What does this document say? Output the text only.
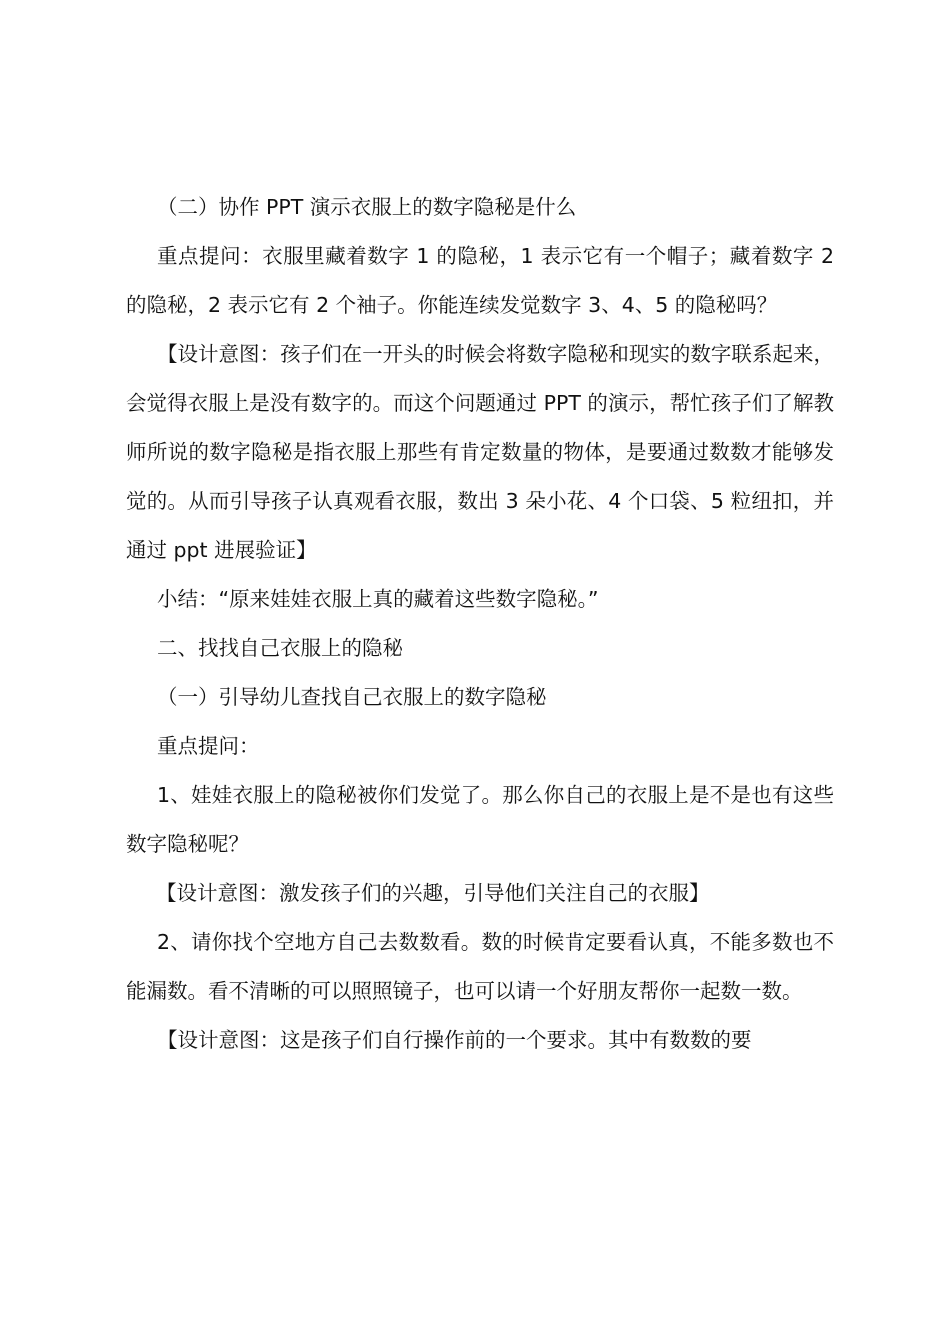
（二）协作 PPT 演示衣服上的数字隐秘是什么

重点提问：衣服里藏着数字 1 的隐秘，1 表示它有一个帽子；藏着数字 2 的隐秘，2 表示它有 2 个袖子。你能连续发觉数字 3、4、5 的隐秘吗？

【设计意图：孩子们在一开头的时候会将数字隐秘和现实的数字联系起来，会觉得衣服上是没有数字的。而这个问题通过 PPT 的演示，帮忙孩子们了解教师所说的数字隐秘是指衣服上那些有肯定数量的物体，是要通过数数才能够发觉的。从而引导孩子认真观看衣服，数出 3 朵小花、4 个口袋、5 粒纽扣，并通过 ppt 进展验证】

小结：“原来娃娃衣服上真的藏着这些数字隐秘。”

二、找找自己衣服上的隐秘

（一）引导幼儿查找自己衣服上的数字隐秘

重点提问：

1、娃娃衣服上的隐秘被你们发觉了。那么你自己的衣服上是不是也有这些数字隐秘呢？

【设计意图：激发孩子们的兴趣，引导他们关注自己的衣服】

2、请你找个空地方自己去数数看。数的时候肯定要看认真，不能多数也不能漏数。看不清晰的可以照照镜子，也可以请一个好朋友帮你一起数一数。

【设计意图：这是孩子们自行操作前的一个要求。其中有数数的要
